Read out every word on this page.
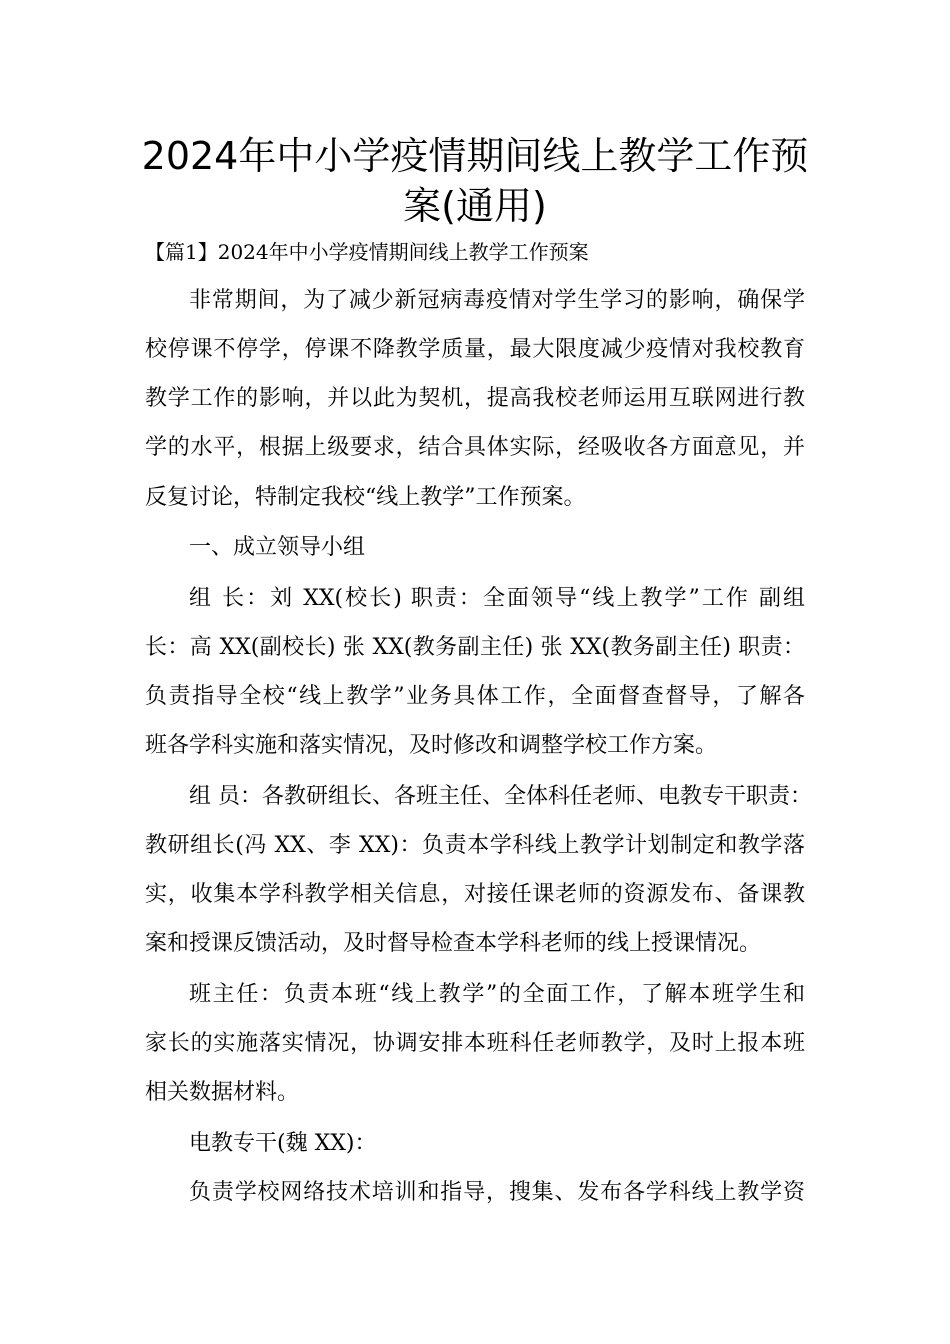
2024年中小学疫情期间线上教学工作预
案(通用)

【篇1】2024年中小学疫情期间线上教学工作预案

非常期间，为了减少新冠病毒疫情对学生学习的影响，确保学

校停课不停学，停课不降教学质量，最大限度减少疫情对我校教育

教学工作的影响，并以此为契机，提高我校老师运用互联网进行教

学的水平，根据上级要求，结合具体实际，经吸收各方面意见，并

反复讨论，特制定我校“线上教学”工作预案。

一、成立领导小组

组 长：刘 XX(校长) 职责：全面领导“线上教学”工作 副组

长：高 XX(副校长) 张 XX(教务副主任) 张 XX(教务副主任) 职责：

负责指导全校“线上教学”业务具体工作，全面督查督导，了解各

班各学科实施和落实情况，及时修改和调整学校工作方案。

组 员：各教研组长、各班主任、全体科任老师、电教专干职责：

教研组长(冯 XX、李 XX)：负责本学科线上教学计划制定和教学落

实，收集本学科教学相关信息，对接任课老师的资源发布、备课教

案和授课反馈活动，及时督导检查本学科老师的线上授课情况。

班主任：负责本班“线上教学”的全面工作，了解本班学生和

家长的实施落实情况，协调安排本班科任老师教学，及时上报本班

相关数据材料。

电教专干(魏 XX)：

负责学校网络技术培训和指导，搜集、发布各学科线上教学资
